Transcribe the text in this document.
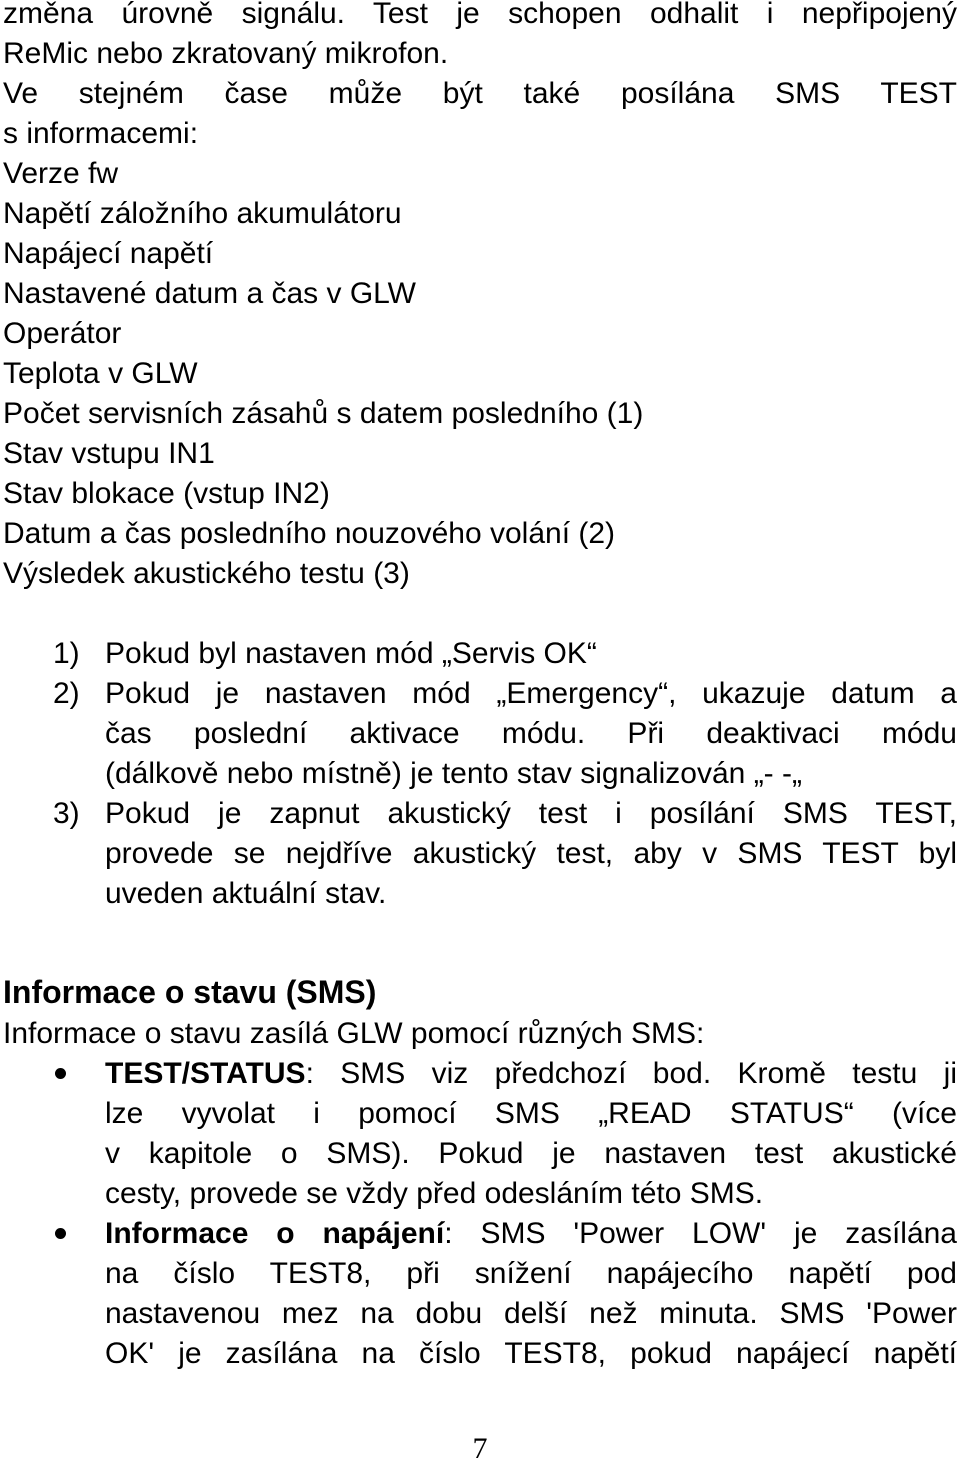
změna úrovně signálu. Test je schopen odhalit i nepřipojený
ReMic nebo zkratovaný mikrofon.
Ve stejném čase může být také posílána SMS TEST
s informacemi:
Verze fw
Napětí záložního akumulátoru
Napájecí napětí
Nastavené datum a čas v GLW
Operátor
Teplota v GLW
Počet servisních zásahů s datem posledního (1)
Stav vstupu IN1
Stav blokace (vstup IN2)
Datum a čas posledního nouzového volání (2)
Výsledek akustického testu (3)
1) Pokud byl nastaven mód „Servis OK“
2) Pokud je nastaven mód „Emergency“, ukazuje datum a
čas poslední aktivace módu. Při deaktivaci módu
(dálkově nebo místně) je tento stav signalizován „- -„
3) Pokud je zapnut akustický test i posílání SMS TEST,
provede se nejdříve akustický test, aby v SMS TEST byl
uveden aktuální stav.
Informace o stavu (SMS)
Informace o stavu zasílá GLW pomocí různých SMS:
TEST/STATUS: SMS viz předchozí bod. Kromě testu ji
lze vyvolat i pomocí SMS „READ STATUS“ (více
v kapitole o SMS). Pokud je nastaven test akustické
cesty, provede se vždy před odesláním této SMS.
Informace o napájení: SMS 'Power LOW' je zasílána
na číslo TEST8, při snížení napájecího napětí pod
nastavenou mez na dobu delší než minuta. SMS 'Power
OK' je zasílána na číslo TEST8, pokud napájecí napětí
7
